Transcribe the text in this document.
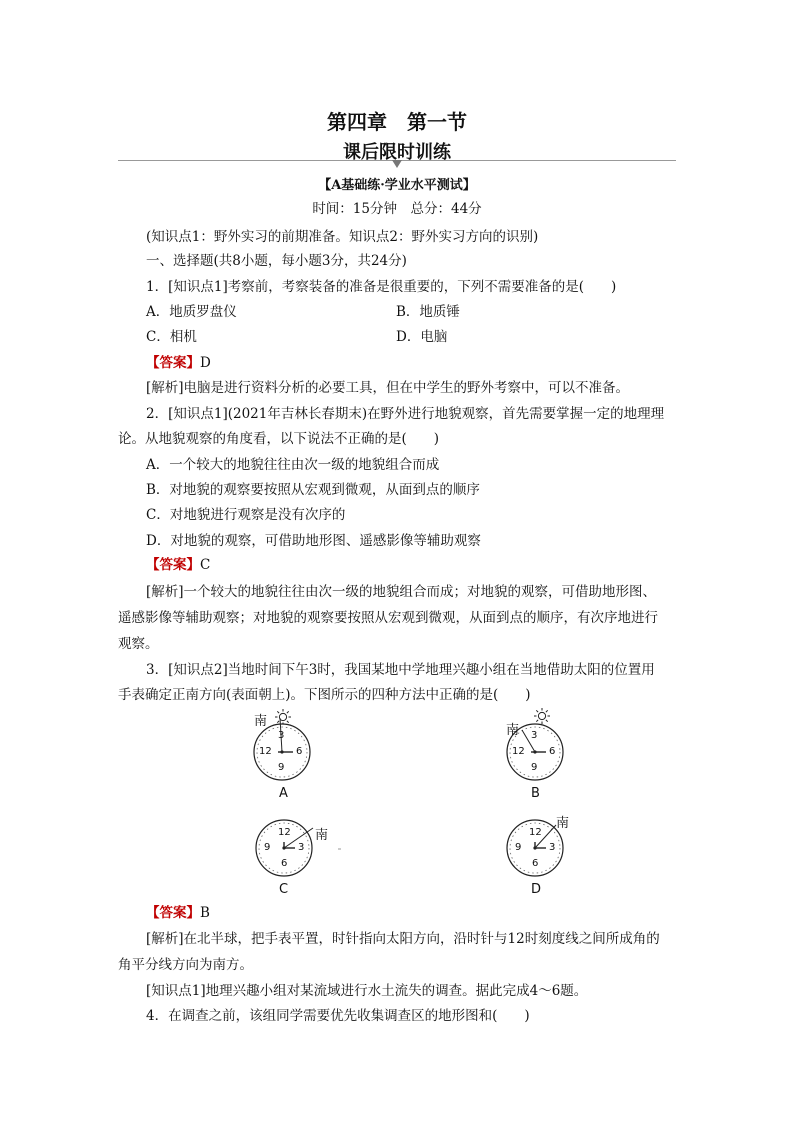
第四章　第一节
课后限时训练
【A基础练·学业水平测试】
时间：15分钟　总分：44分
(知识点1：野外实习的前期准备。知识点2：野外实习方向的识别)
一、选择题(共8小题，每小题3分，共24分)
1．[知识点1]考察前，考察装备的准备是很重要的，下列不需要准备的是(　　)
A．地质罗盘仪	B．地质锤
C．相机	D．电脑
【答案】D
[解析]电脑是进行资料分析的必要工具，但在中学生的野外考察中，可以不准备。
2．[知识点1](2021年吉林长春期末)在野外进行地貌观察，首先需要掌握一定的地理理
论。从地貌观察的角度看，以下说法不正确的是(　　)
A．一个较大的地貌往往由次一级的地貌组合而成
B．对地貌的观察要按照从宏观到微观，从面到点的顺序
C．对地貌进行观察是没有次序的
D．对地貌的观察，可借助地形图、遥感影像等辅助观察
【答案】C
[解析]一个较大的地貌往往由次一级的地貌组合而成；对地貌的观察，可借助地形图、
遥感影像等辅助观察；对地貌的观察要按照从宏观到微观，从面到点的顺序，有次序地进行
观察。
3．[知识点2]当地时间下午3时，我国某地中学地理兴趣小组在当地借助太阳的位置用
手表确定正南方向(表面朝上)。下图所示的四种方法中正确的是(　　)
南
3
12 6
9
A
南 3
12 6
9
B
南
12
9	3
6
C
南
12
9	3
6
D
【答案】B
[解析]在北半球，把手表平置，时针指向太阳方向，沿时针与12时刻度线之间所成角的
角平分线方向为南方。
[知识点1]地理兴趣小组对某流域进行水土流失的调查。据此完成4～6题。
4．在调查之前，该组同学需要优先收集调查区的地形图和(　　)
